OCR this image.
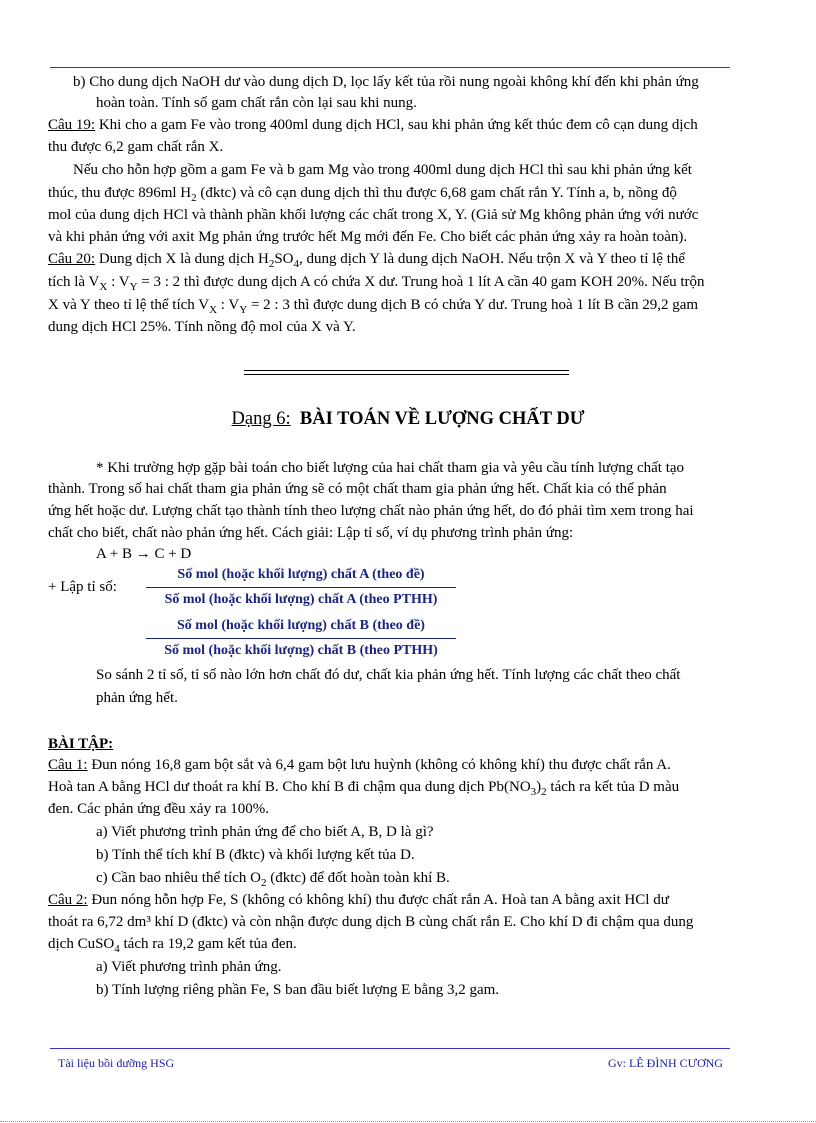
b) Cho dung dịch NaOH dư vào dung dịch D, lọc lấy kết tủa rồi nung ngoài không khí đến khi phản ứng
hoàn toàn. Tính số gam chất rắn còn lại sau khi nung.
Câu 19: Khi cho a gam Fe vào trong 400ml dung dịch HCl, sau khi phản ứng kết thúc đem cô cạn dung dịch
thu được 6,2 gam chất rắn X.
Nếu cho hỗn hợp gồm a gam Fe và b gam Mg vào trong 400ml dung dịch HCl thì sau khi phản ứng kết
thúc, thu được 896ml $H_2$ (đktc) và cô cạn dung dịch thì thu được 6,68 gam chất rắn Y. Tính a, b, nồng độ
mol của dung dịch HCl và thành phần khối lượng các chất trong X, Y. (Giả sử Mg không phản ứng với nước
và khi phản ứng với axit Mg phản ứng trước hết Mg mới đến Fe. Cho biết các phản ứng xảy ra hoàn toàn).
Câu 20: Dung dịch X là dung dịch $H_2SO_4$, dung dịch Y là dung dịch NaOH. Nếu trộn X và Y theo tỉ lệ thể
tích là $V_X$ : $V_Y = 3$ : 2 thì được dung dịch A có chứa X dư. Trung hoà 1 lít A cần 40 gam KOH 20%. Nếu trộn
X và Y theo tỉ lệ thể tích $V_X$ : $V_Y = 2$ : 3 thì được dung dịch B có chứa Y dư. Trung hoà 1 lít B cần 29,2 gam
dung dịch HCl 25%. Tính nồng độ mol của X và Y.
Dạng 6: BÀI TOÁN VỀ LƯỢNG CHẤT DƯ
* Khi trường hợp gặp bài toán cho biết lượng của hai chất tham gia và yêu cầu tính lượng chất tạo
thành. Trong số hai chất tham gia phản ứng sẽ có một chất tham gia phản ứng hết. Chất kia có thể phản
ứng hết hoặc dư. Lượng chất tạo thành tính theo lượng chất nào phản ứng hết, do đó phải tìm xem trong hai
chất cho biết, chất nào phản ứng hết. Cách giải: Lập tỉ số, ví dụ phương trình phản ứng:
A + B → C + D
+ Lập tỉ số:
Số mol (hoặc khối lượng) chất A (theo đề)
Số mol (hoặc khối lượng) chất A (theo PTHH)
Số mol (hoặc khối lượng) chất B (theo đề)
Số mol (hoặc khối lượng) chất B (theo PTHH)
So sánh 2 tỉ số, tỉ số nào lớn hơn chất đó dư, chất kia phản ứng hết. Tính lượng các chất theo chất
phản ứng hết.
BÀI TẬP:
Câu 1: Đun nóng 16,8 gam bột sắt và 6,4 gam bột lưu huỳnh (không có không khí) thu được chất rắn A.
Hoà tan A bằng HCl dư thoát ra khí B. Cho khí B đi chậm qua dung dịch $Pb(NO_3)_2$ tách ra kết tủa D màu
đen. Các phản ứng đều xảy ra 100%.
a) Viết phương trình phản ứng để cho biết A, B, D là gì?
b) Tính thể tích khí B (đktc) và khối lượng kết tủa D.
c) Cần bao nhiêu thể tích $O_2$ (đktc) để đốt hoàn toàn khí B.
Câu 2: Đun nóng hỗn hợp Fe, S (không có không khí) thu được chất rắn A. Hoà tan A bằng axit HCl dư
thoát ra 6,72 dm³ khí D (đktc) và còn nhận được dung dịch B cùng chất rắn E. Cho khí D đi chậm qua dung
dịch CuSO$_4$ tách ra 19,2 gam kết tủa đen.
a) Viết phương trình phản ứng.
b) Tính lượng riêng phần Fe, S ban đầu biết lượng E bằng 3,2 gam.
Tài liệu bồi dưỡng HSG	Gv: LÊ ĐÌNH CƯƠNG
